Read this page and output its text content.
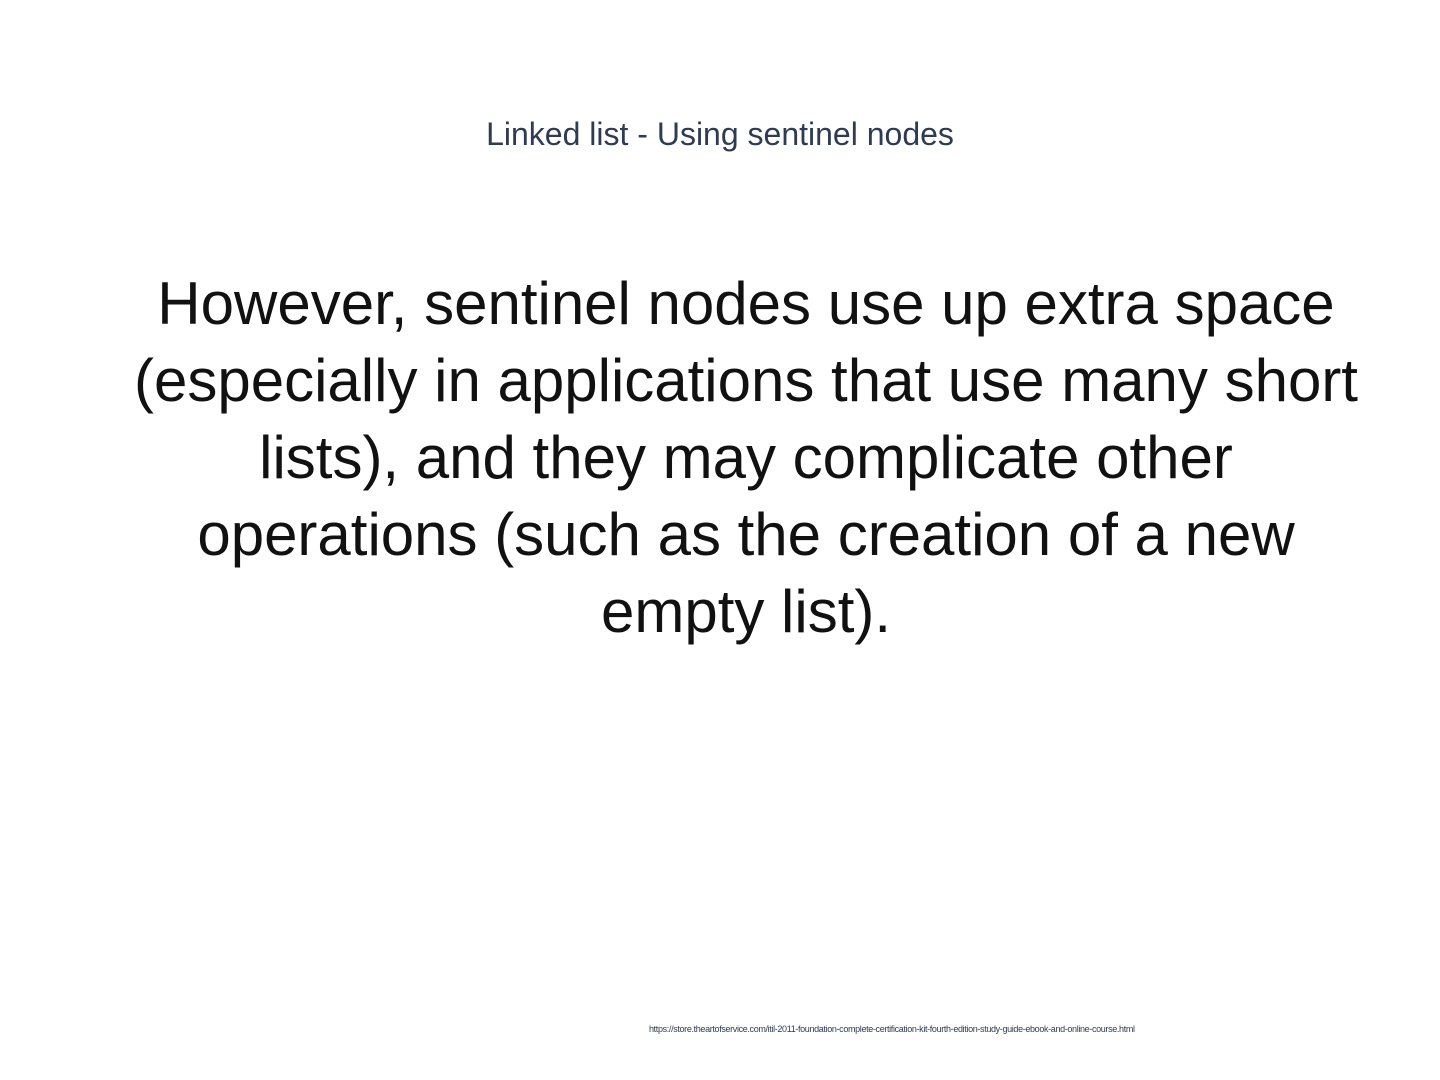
Linked list - Using sentinel nodes
However, sentinel nodes use up extra space (especially in applications that use many short lists), and they may complicate other operations (such as the creation of a new empty list).
https://store.theartofservice.com/itil-2011-foundation-complete-certification-kit-fourth-edition-study-guide-ebook-and-online-course.html
